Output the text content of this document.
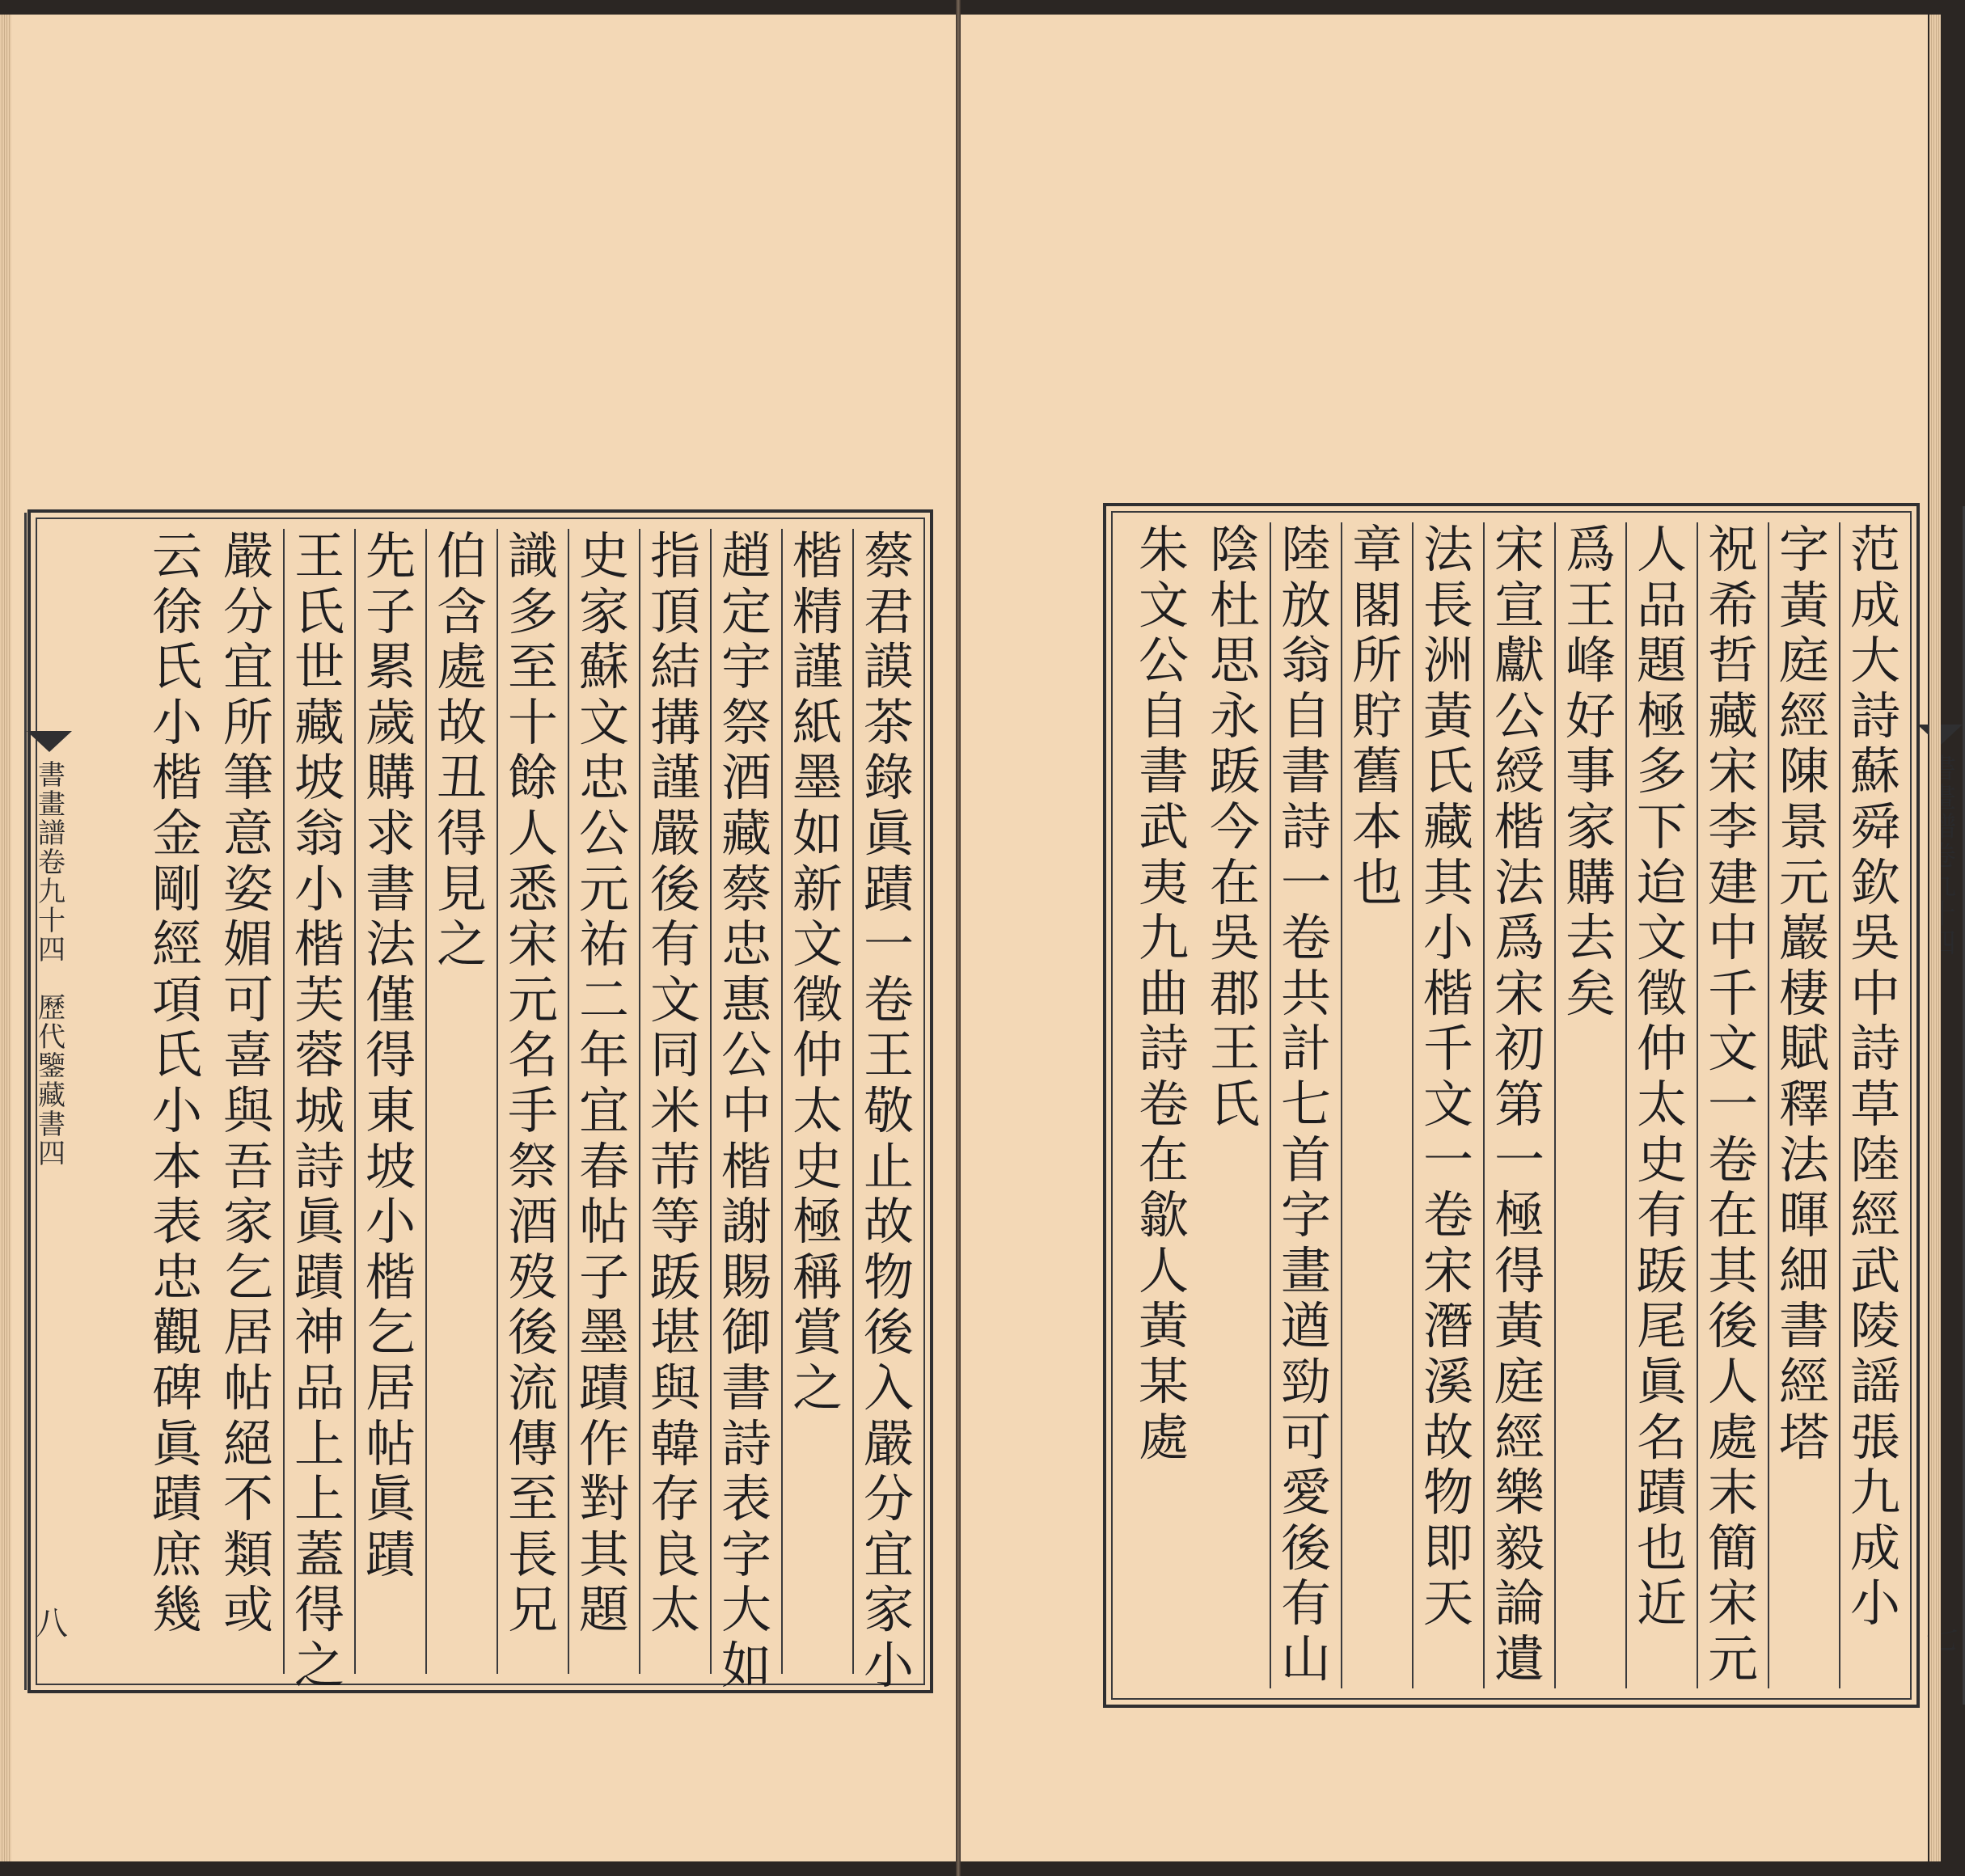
書畫譜卷九十四　歷代鑒藏書四
八
蔡
君
謨
茶
錄
眞
蹟
一
卷
王
敬
止
故
物
後
入
嚴
分
宜
家
小
楷
精
謹
紙
墨
如
新
文
徵
仲
太
史
極
稱
賞
之
趙
定
宇
祭
酒
藏
蔡
忠
惠
公
中
楷
謝
賜
御
書
詩
表
字
大
如
指
頂
結
搆
謹
嚴
後
有
文
同
米
芾
等
䟦
堪
與
韓
存
良
太
史
家
蘇
文
忠
公
元
祐
二
年
宜
春
帖
子
墨
蹟
作
對
其
題
識
多
至
十
餘
人
悉
宋
元
名
手
祭
酒
歿
後
流
傳
至
長
兄
伯
含
處
故
丑
得
見
之
先
子
累
歲
購
求
書
法
僅
得
東
坡
小
楷
乞
居
帖
眞
蹟
王
氏
世
藏
坡
翁
小
楷
芙
蓉
城
詩
眞
蹟
神
品
上
上
蓋
得
之
嚴
分
宜
所
筆
意
姿
媚
可
喜
與
吾
家
乞
居
帖
絕
不
類
或
云
徐
氏
小
楷
金
剛
經
項
氏
小
本
表
忠
觀
碑
眞
蹟
庶
幾
范
成
大
詩
蘇
舜
欽
吳
中
詩
草
陸
經
武
陵
謡
張
九
成
小
字
黃
庭
經
陳
景
元
巖
棲
賦
釋
法
暉
細
書
經
塔
祝
希
哲
藏
宋
李
建
中
千
文
一
卷
在
其
後
人
處
末
簡
宋
元
人
品
題
極
多
下
迨
文
徵
仲
太
史
有
䟦
尾
眞
名
蹟
也
近
爲
王
峰
好
事
家
購
去
矣
宋
宣
獻
公
綬
楷
法
爲
宋
初
第
一
極
得
黃
庭
經
樂
毅
論
遺
法
長
洲
黃
氏
藏
其
小
楷
千
文
一
卷
宋
潛
溪
故
物
即
天
章
閣
所
貯
舊
本
也
陸
放
翁
自
書
詩
一
卷
共
計
七
首
字
畫
遒
勁
可
愛
後
有
山
陰
杜
思
永
䟦
今
在
吳
郡
王
氏
朱
文
公
自
書
武
夷
九
曲
詩
卷
在
歙
人
黃
某
處
